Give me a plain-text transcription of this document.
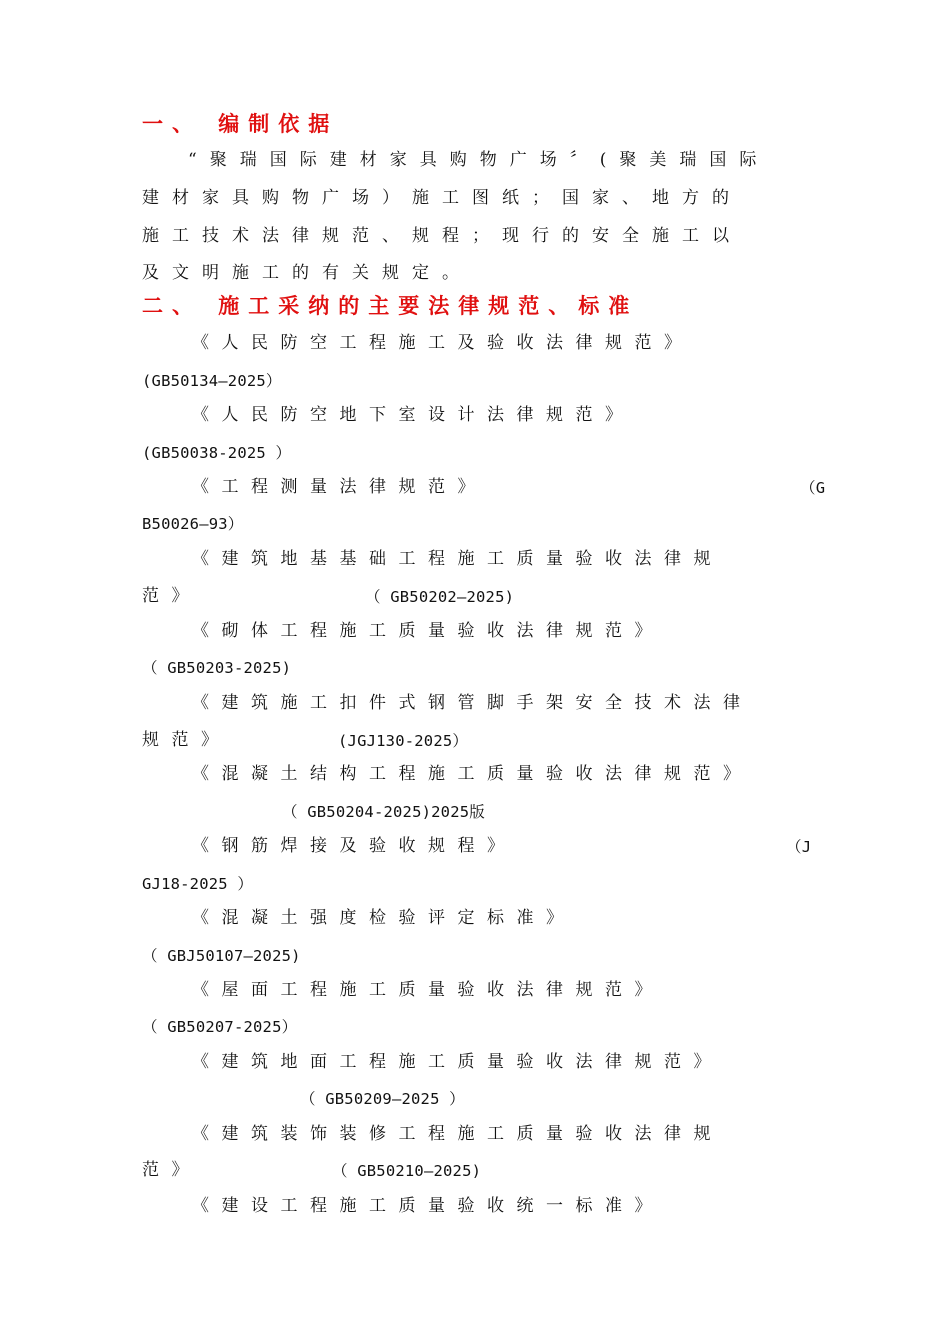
一、 编制依据
“聚瑞国际建材家具购物广场〞(聚美瑞国际
建材家具购物广场）施工图纸；国家、地方的
施工技术法律规范、规程；现行的安全施工以
及文明施工的有关规定。
二、 施工采纳的主要法律规范、标准
《人民防空工程施工及验收法律规范》
(GB50134—2025）
《人民防空地下室设计法律规范》
(GB50038-2025 ）
《工程测量法律规范》	（G
B50026—93）
《建筑地基基础工程施工质量验收法律规
范》	（ GB50202—2025)
《砌体工程施工质量验收法律规范》
（ GB50203-2025)
《建筑施工扣件式钢管脚手架安全技术法律
规范》	(JGJ130-2025）
《混凝土结构工程施工质量验收法律规范》
（ GB50204-2025)2025版
《钢筋焊接及验收规程》	（J
GJ18-2025 ）
《混凝土强度检验评定标准》
（ GBJ50107—2025)
《屋面工程施工质量验收法律规范》
（ GB50207-2025）
《建筑地面工程施工质量验收法律规范》
（ GB50209—2025 ）
《建筑装饰装修工程施工质量验收法律规
范》	（ GB50210—2025)
《建设工程施工质量验收统一标准》
